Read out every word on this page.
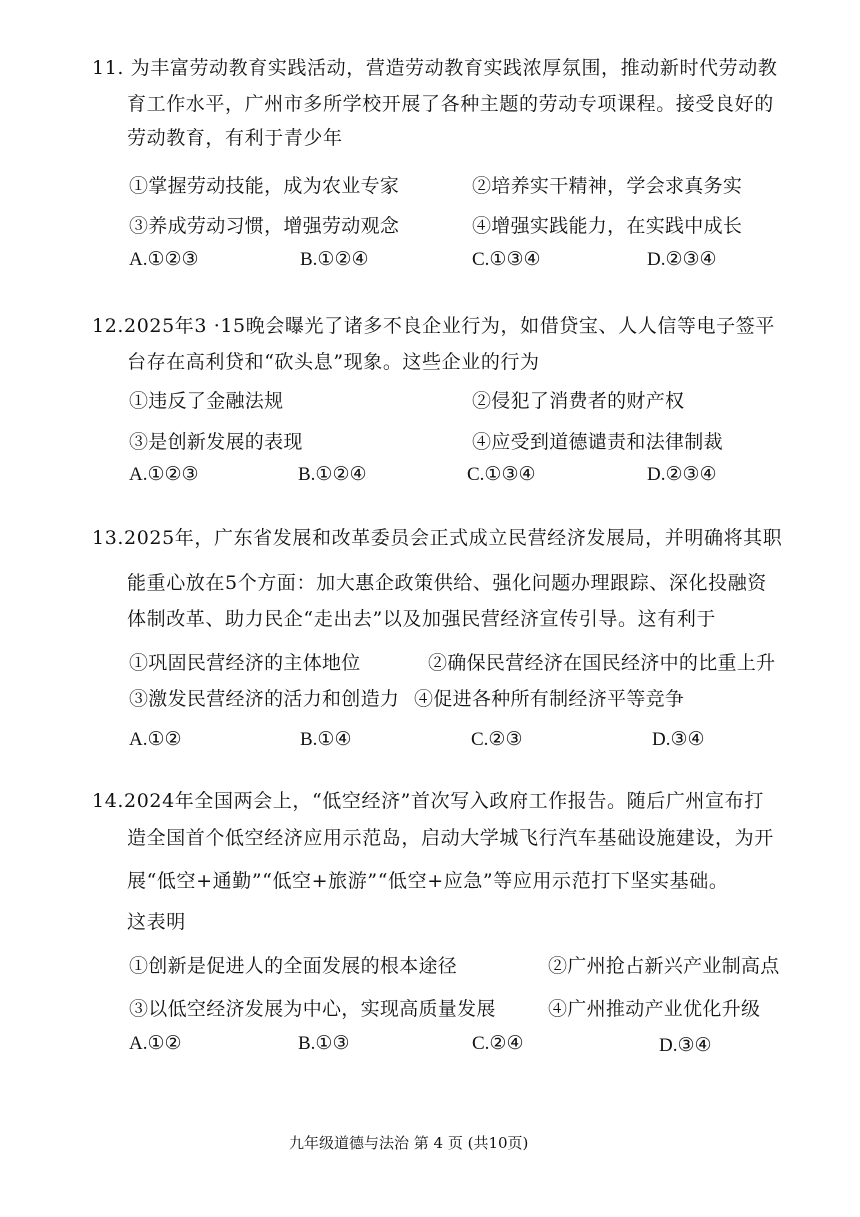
11. 为丰富劳动教育实践活动，营造劳动教育实践浓厚氛围，推动新时代劳动教
育工作水平，广州市多所学校开展了各种主题的劳动专项课程。接受良好的
劳动教育，有利于青少年
①掌握劳动技能，成为农业专家	②培养实干精神，学会求真务实
③养成劳动习惯，增强劳动观念	④增强实践能力，在实践中成长
A.①②③	B.①②④	C.①③④	D.②③④
12.2025年3 ·15晚会曝光了诸多不良企业行为，如借贷宝、人人信等电子签平
台存在高利贷和“砍头息”现象。这些企业的行为
①违反了金融法规	②侵犯了消费者的财产权
③是创新发展的表现	④应受到道德谴责和法律制裁
A.①②③	B.①②④	C.①③④	D.②③④
13.2025年，广东省发展和改革委员会正式成立民营经济发展局，并明确将其职
能重心放在5个方面：加大惠企政策供给、强化问题办理跟踪、深化投融资
体制改革、助力民企“走出去”以及加强民营经济宣传引导。这有利于
①巩固民营经济的主体地位	②确保民营经济在国民经济中的比重上升
③激发民营经济的活力和创造力 ④促进各种所有制经济平等竞争
A.①②	B.①④	C.②③	D.③④
14.2024年全国两会上，“低空经济”首次写入政府工作报告。随后广州宣布打
造全国首个低空经济应用示范岛，启动大学城飞行汽车基础设施建设，为开
展“低空+通勤”“低空+旅游”“低空+应急”等应用示范打下坚实基础。
这表明
①创新是促进人的全面发展的根本途径	②广州抢占新兴产业制高点
③以低空经济发展为中心，实现高质量发展	④广州推动产业优化升级
A.①②	B.①③	C.②④	D.③④
九年级道德与法治 第 4 页 (共10页)
